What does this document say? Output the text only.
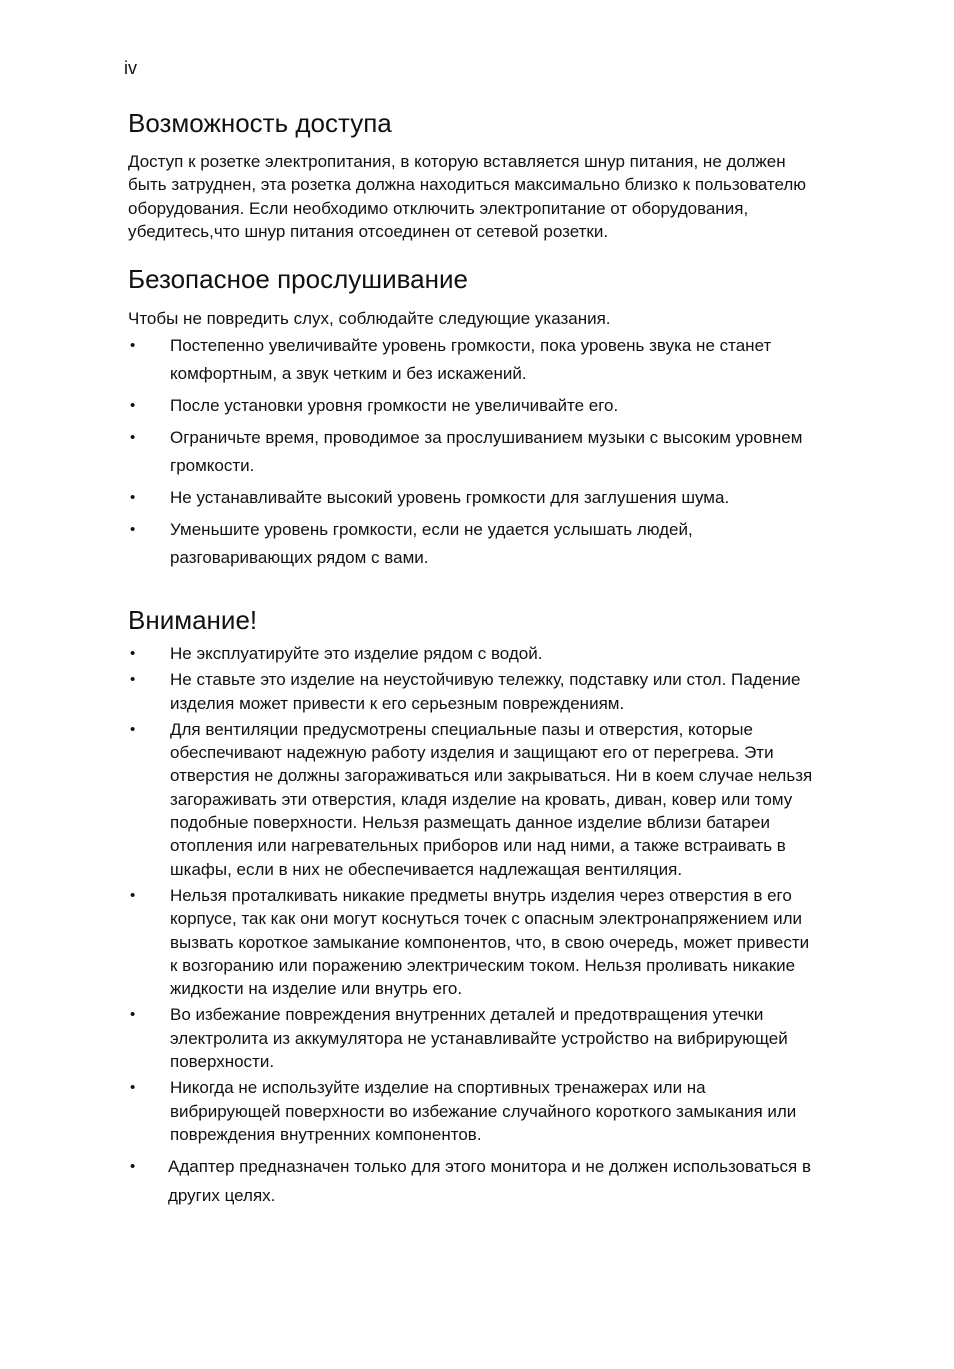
iv
Возможность доступа

Доступ к розетке электропитания, в которую вставляется шнур питания, не должен быть затруднен, эта розетка должна находиться максимально близко к пользователю оборудования. Если необходимо отключить электропитание от оборудования, убедитесь,что шнур питания отсоединен от сетевой розетки.

Безопасное прослушивание

Чтобы не повредить слух, соблюдайте следующие указания.

• Постепенно увеличивайте уровень громкости, пока уровень звука не станет комфортным, а звук четким и без искажений.
• После установки уровня громкости не увеличивайте его.
• Ограничьте время, проводимое за прослушиванием музыки с высоким уровнем громкости.
• Не устанавливайте высокий уровень громкости для заглушения шума.
• Уменьшите уровень громкости, если не удается услышать людей, разговаривающих рядом с вами.
Внимание!
• Не эксплуатируйте это изделие рядом с водой.
• Не ставьте это изделие на неустойчивую тележку, подставку или стол. Падение изделия может привести к его серьезным повреждениям.
• Для вентиляции предусмотрены специальные пазы и отверстия, которые обеспечивают надежную работу изделия и защищают его от перегрева. Эти отверстия не должны загораживаться или закрываться. Ни в коем случае нельзя загораживать эти отверстия, кладя изделие на кровать, диван, ковер или тому подобные поверхности. Нельзя размещать данное изделие вблизи батареи отопления или нагревательных приборов или над ними, а также встраивать в шкафы, если в них не обеспечивается надлежащая вентиляция.
• Нельзя проталкивать никакие предметы внутрь изделия через отверстия в его корпусе, так как они могут коснуться точек с опасным электронапряжением или вызвать короткое замыкание компонентов, что, в свою очередь, может привести к возгоранию или поражению электрическим током. Нельзя проливать никакие жидкости на изделие или внутрь его.
• Во избежание повреждения внутренних деталей и предотвращения утечки электролита из аккумулятора не устанавливайте устройство на вибрирующей поверхности.
• Никогда не используйте изделие на спортивных тренажерах или на вибрирующей поверхности во избежание случайного короткого замыкания или повреждения внутренних компонентов.
• Адаптер предназначен только для этого монитора и не должен использоваться в других целях.
